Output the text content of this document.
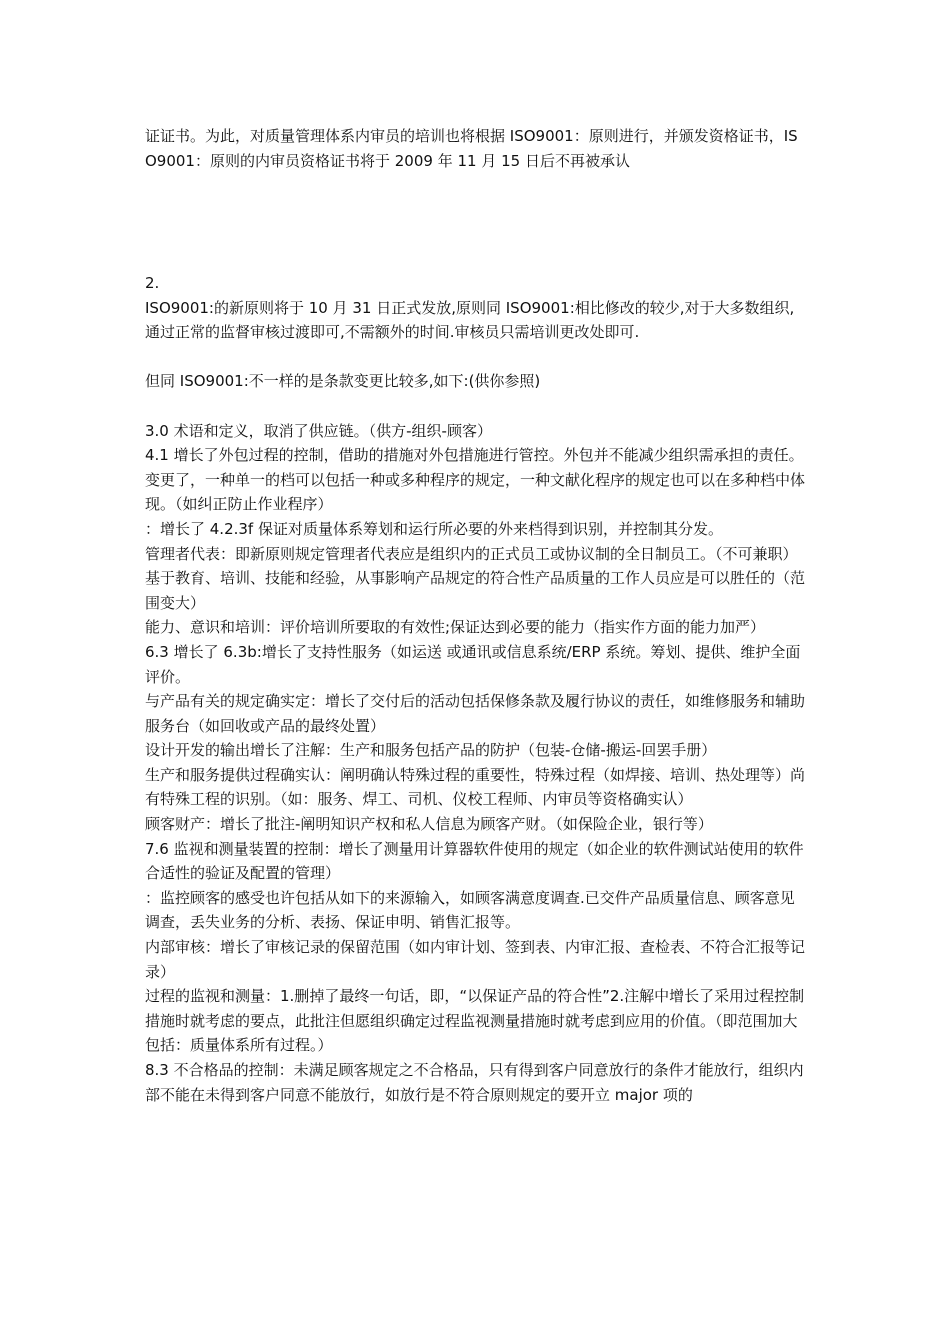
证证书。为此，对质量管理体系内审员的培训也将根据 ISO9001：原则进行，并颁发资格证书，ISO9001：原则的内审员资格证书将于 2009 年 11 月 15 日后不再被承认

2.

ISO9001:的新原则将于 10 月 31 日正式发放,原则同 ISO9001:相比修改的较少,对于大多数组织,通过正常的监督审核过渡即可,不需额外的时间.审核员只需培训更改处即可.

但同 ISO9001:不一样的是条款变更比较多,如下:(供你参照)

3.0 术语和定义，取消了供应链。（供方-组织-顾客）

4.1 增长了外包过程的控制，借助的措施对外包措施进行管控。外包并不能减少组织需承担的责任。

变更了，一种单一的档可以包括一种或多种程序的规定，一种文献化程序的规定也可以在多种档中体现。（如纠正防止作业程序）

：增长了 4.2.3f 保证对质量体系筹划和运行所必要的外来档得到识别，并控制其分发。

管理者代表：即新原则规定管理者代表应是组织内的正式员工或协议制的全日制员工。（不可兼职）

基于教育、培训、技能和经验，从事影响产品规定的符合性产品质量的工作人员应是可以胜任的（范围变大）

能力、意识和培训：评价培训所要取的有效性;保证达到必要的能力（指实作方面的能力加严）

6.3 增长了 6.3b:增长了支持性服务（如运送 或通讯或信息系统/ERP 系统。筹划、提供、维护全面评价。

与产品有关的规定确实定：增长了交付后的活动包括保修条款及履行协议的责任，如维修服务和辅助服务台（如回收或产品的最终处置）

设计开发的输出增长了注解：生产和服务包括产品的防护（包装-仓储-搬运-回罢手册）

生产和服务提供过程确实认：阐明确认特殊过程的重要性，特殊过程（如焊接、培训、热处理等）尚有特殊工程的识别。（如：服务、焊工、司机、仪校工程师、内审员等资格确实认）

顾客财产：增长了批注-阐明知识产权和私人信息为顾客产财。（如保险企业，银行等）

7.6 监视和测量装置的控制：增长了测量用计算器软件使用的规定（如企业的软件测试站使用的软件合适性的验证及配置的管理）

：监控顾客的感受也许包括从如下的来源输入，如顾客满意度调查.已交件产品质量信息、顾客意见调查，丢失业务的分析、表扬、保证申明、销售汇报等。

内部审核：增长了审核记录的保留范围（如内审计划、签到表、内审汇报、查检表、不符合汇报等记录）

过程的监视和测量：1.删掉了最终一句话，即，“以保证产品的符合性”2.注解中增长了采用过程控制措施时就考虑的要点，此批注但愿组织确定过程监视测量措施时就考虑到应用的价值。（即范围加大包括：质量体系所有过程。）

8.3 不合格品的控制：未满足顾客规定之不合格品，只有得到客户同意放行的条件才能放行，组织内部不能在未得到客户同意不能放行，如放行是不符合原则规定的要开立 major 项的
